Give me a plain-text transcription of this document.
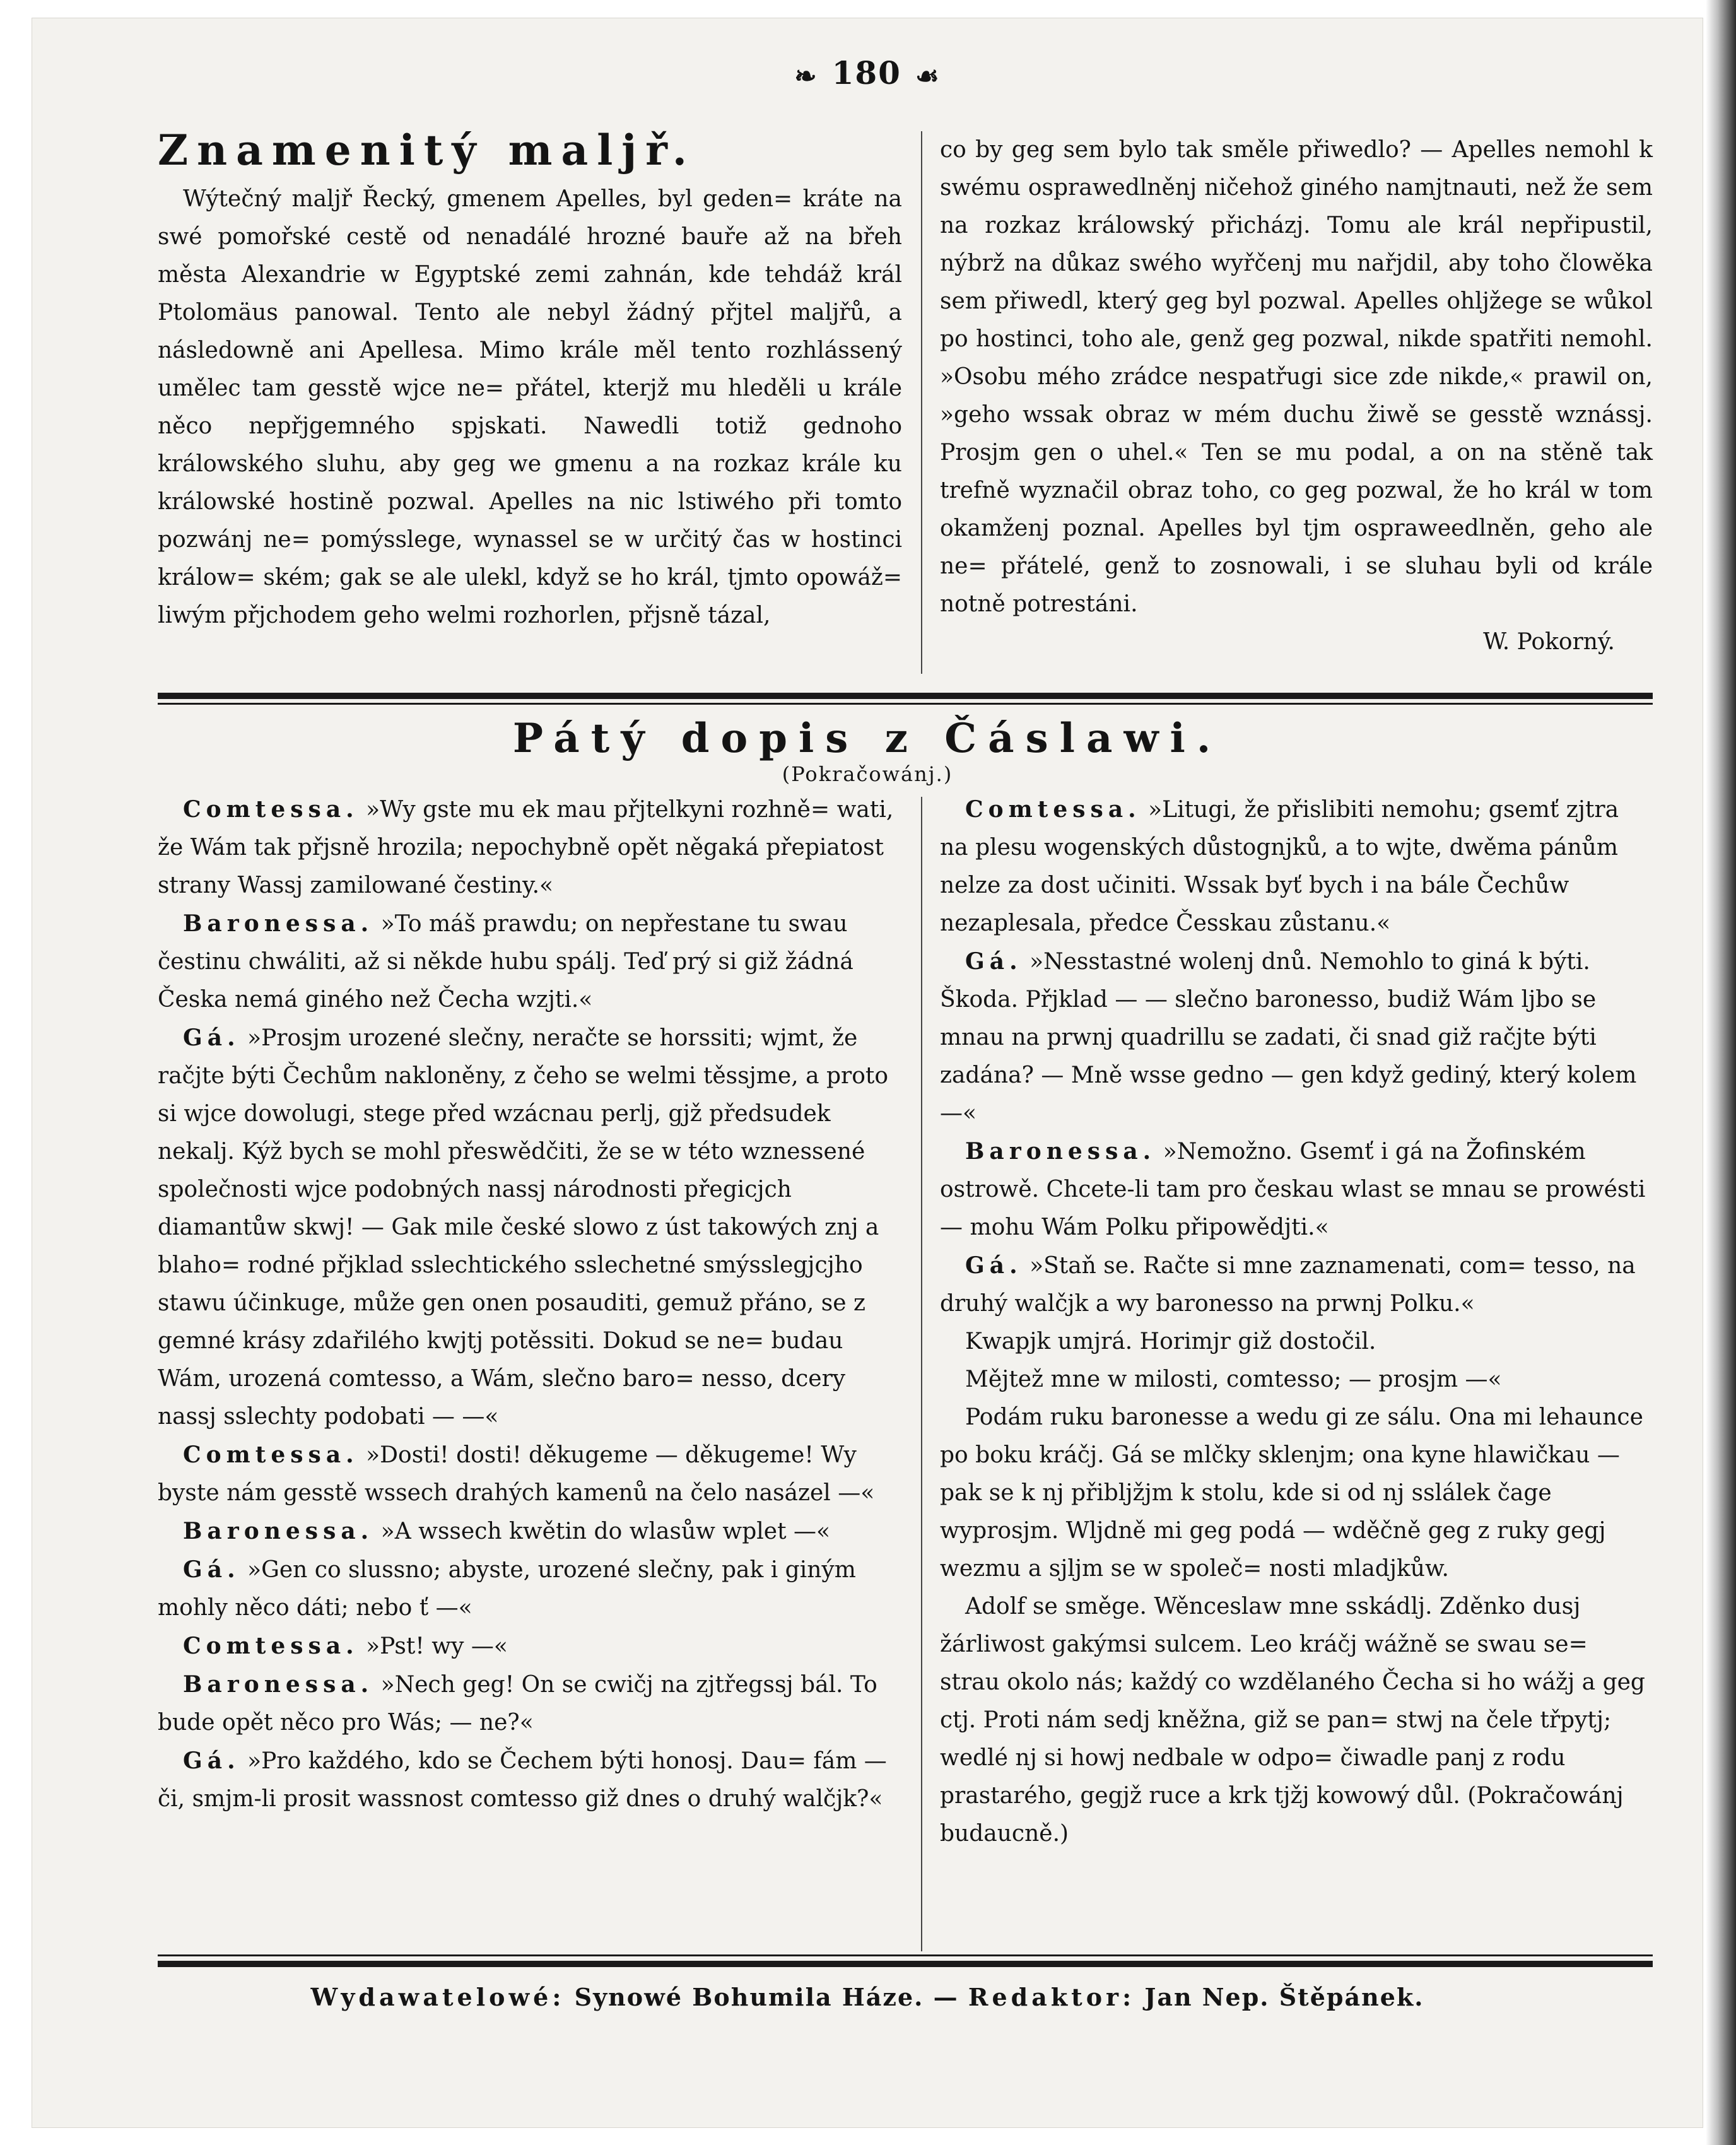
❧ 180 ☙
Znamenitý maljř.

Wýtečný maljř Řecký, gmenem Apelles, byl geden= kráte na swé pomořské cestě od nenadálé hrozné bauře až na břeh města Alexandrie w Egyptské zemi zahnán, kde tehdáž král Ptolomäus panowal. Tento ale nebyl žádný přjtel maljřů, a následowně ani Apellesa. Mimo krále měl tento rozhlássený umělec tam gesstě wjce ne= přátel, kterjž mu hleděli u krále něco nepřjgemného spjskati. Nawedli totiž gednoho králowského sluhu, aby geg we gmenu a na rozkaz krále ku králowské hostině pozwal. Apelles na nic lstiwého při tomto pozwánj ne= pomýsslege, wynassel se w určitý čas w hostinci králow= ském; gak se ale ulekl, když se ho král, tjmto opowáž= liwým přjchodem geho welmi rozhorlen, přjsně tázal,

co by geg sem bylo tak směle přiwedlo? — Apelles nemohl k swému osprawedlněnj ničehož giného namjtnauti, než že sem na rozkaz králowský přicházj. Tomu ale král nepřipustil, nýbrž na důkaz swého wyřčenj mu nařjdil, aby toho člowěka sem přiwedl, který geg byl pozwal. Apelles ohljžege se wůkol po hostinci, toho ale, genž geg pozwal, nikde spatřiti nemohl. »Osobu mého zrádce nespatřugi sice zde nikde,« prawil on, »geho wssak obraz w mém duchu žiwě se gesstě wznássj. Prosjm gen o uhel.« Ten se mu podal, a on na stěně tak trefně wyznačil obraz toho, co geg pozwal, že ho král w tom okamženj poznal. Apelles byl tjm ospraweedlněn, geho ale ne= přátelé, genž to zosnowali, i se sluhau byli od krále notně potrestáni.

W. Pokorný.

Pátý dopis z Čáslawi.
(Pokračowánj.)

Comtessa. »Wy gste mu ek mau přjtelkyni rozhně= wati, že Wám tak přjsně hrozila; nepochybně opět něgaká přepiatost strany Wassj zamilowané čestiny.«

Baronessa. »To máš prawdu; on nepřestane tu swau čestinu chwáliti, až si někde hubu spálj. Teď prý si giž žádná Česka nemá giného než Čecha wzjti.«

Gá. »Prosjm urozené slečny, neračte se horssiti; wjmt, že račjte býti Čechům nakloněny, z čeho se welmi těssjme, a proto si wjce dowolugi, stege před wzácnau perlj, gjž předsudek nekalj. Kýž bych se mohl přeswědčiti, že se w této wznessené společnosti wjce podobných nassj národnosti přegicjch diamantůw skwj! — Gak mile české slowo z úst takowých znj a blaho= rodné přjklad sslechtického sslechetné smýsslegjcjho stawu účinkuge, může gen onen posauditi, gemuž přáno, se z gemné krásy zdařilého kwjtj potěssiti. Dokud se ne= budau Wám, urozená comtesso, a Wám, slečno baro= nesso, dcery nassj sslechty podobati — —«

Comtessa. »Dosti! dosti! děkugeme — děkugeme! Wy byste nám gesstě wssech drahých kamenů na čelo nasázel —«

Baronessa. »A wssech kwětin do wlasůw wplet —«

Gá. »Gen co slussno; abyste, urozené slečny, pak i giným mohly něco dáti; nebo ť —«

Comtessa. »Pst! wy —«

Baronessa. »Nech geg! On se cwičj na zjtřegssj bál. To bude opět něco pro Wás; — ne?«

Gá. »Pro každého, kdo se Čechem býti honosj. Dau= fám — či, smjm-li prosit wassnost comtesso giž dnes o druhý walčjk?«

Comtessa. »Litugi, že přislibiti nemohu; gsemť zjtra na plesu wogenských důstognjků, a to wjte, dwěma pánům nelze za dost učiniti. Wssak byť bych i na bále Čechůw nezaplesala, předce Česskau zůstanu.«

Gá. »Nesstastné wolenj dnů. Nemohlo to giná k býti. Škoda. Přjklad — — slečno baronesso, budiž Wám ljbo se mnau na prwnj quadrillu se zadati, či snad giž račjte býti zadána? — Mně wsse gedno — gen když gediný, který kolem —«

Baronessa. »Nemožno. Gsemť i gá na Žofinském ostrowě. Chcete-li tam pro českau wlast se mnau se prowésti — mohu Wám Polku připowědjti.«

Gá. »Staň se. Račte si mne zaznamenati, com= tesso, na druhý walčjk a wy baronesso na prwnj Polku.«

Kwapjk umjrá. Horimjr giž dostočil.

Mějtež mne w milosti, comtesso; — prosjm —«

Podám ruku baronesse a wedu gi ze sálu. Ona mi lehaunce po boku kráčj. Gá se mlčky sklenjm; ona kyne hlawičkau — pak se k nj přibljžjm k stolu, kde si od nj sslálek čage wyprosjm. Wljdně mi geg podá — wděčně geg z ruky gegj wezmu a sjljm se w společ= nosti mladjkůw.

Adolf se směge. Wěnceslaw mne sskádlj. Zděnko dusj žárliwost gakýmsi sulcem. Leo kráčj wážně se swau se= strau okolo nás; každý co wzdělaného Čecha si ho wážj a geg ctj. Proti nám sedj kněžna, giž se pan= stwj na čele třpytj; wedlé nj si howj nedbale w odpo= čiwadle panj z rodu prastarého, gegjž ruce a krk tjžj kowowý důl. (Pokračowánj budaucně.)

Wydawatelowé: Synowé Bohumila Háze. — Redaktor: Jan Nep. Štěpánek.
